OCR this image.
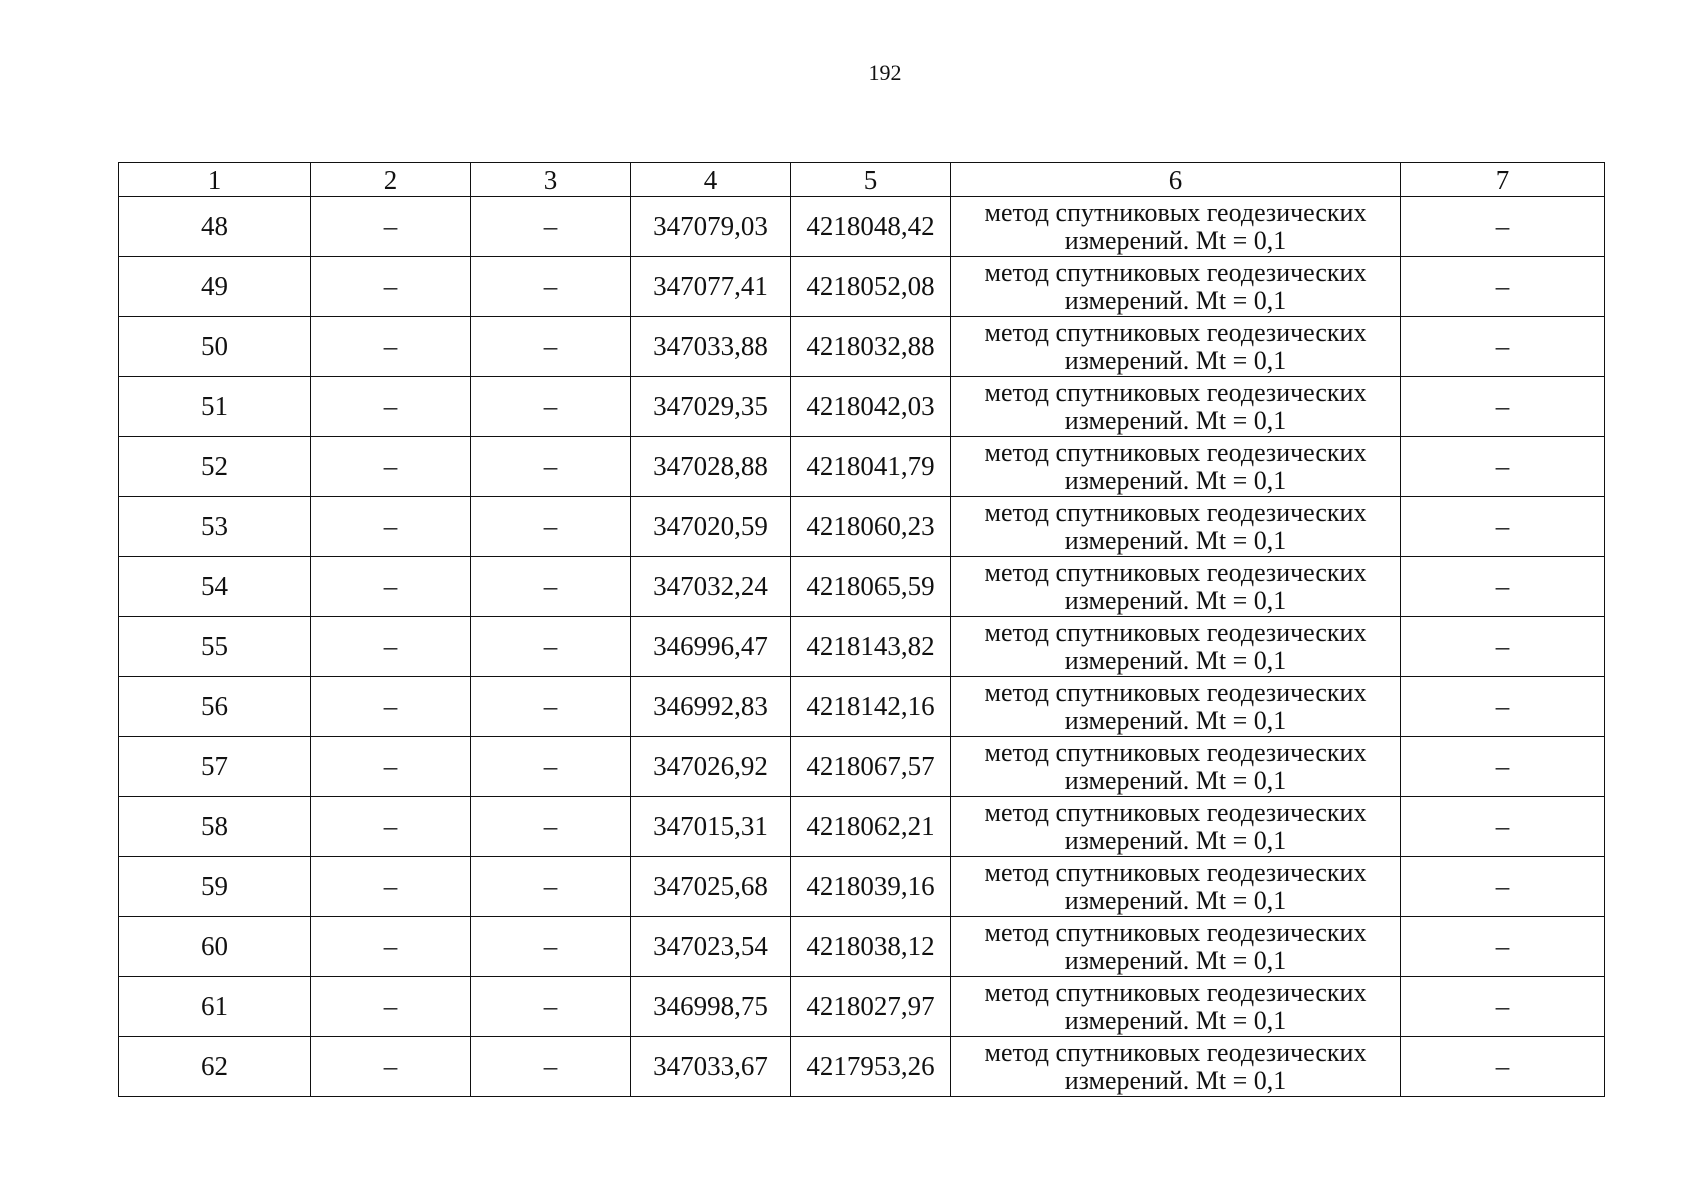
192
1	2	3	4	5	6	7
48	–	–	347079,03	4218048,42	метод спутниковых геодезических
измерений. Mt = 0,1	–
49	–	–	347077,41	4218052,08	метод спутниковых геодезических
измерений. Mt = 0,1	–
50	–	–	347033,88	4218032,88	метод спутниковых геодезических
измерений. Mt = 0,1	–
51	–	–	347029,35	4218042,03	метод спутниковых геодезических
измерений. Mt = 0,1	–
52	–	–	347028,88	4218041,79	метод спутниковых геодезических
измерений. Mt = 0,1	–
53	–	–	347020,59	4218060,23	метод спутниковых геодезических
измерений. Mt = 0,1	–
54	–	–	347032,24	4218065,59	метод спутниковых геодезических
измерений. Mt = 0,1	–
55	–	–	346996,47	4218143,82	метод спутниковых геодезических
измерений. Mt = 0,1	–
56	–	–	346992,83	4218142,16	метод спутниковых геодезических
измерений. Mt = 0,1	–
57	–	–	347026,92	4218067,57	метод спутниковых геодезических
измерений. Mt = 0,1	–
58	–	–	347015,31	4218062,21	метод спутниковых геодезических
измерений. Mt = 0,1	–
59	–	–	347025,68	4218039,16	метод спутниковых геодезических
измерений. Mt = 0,1	–
60	–	–	347023,54	4218038,12	метод спутниковых геодезических
измерений. Mt = 0,1	–
61	–	–	346998,75	4218027,97	метод спутниковых геодезических
измерений. Mt = 0,1	–
62	–	–	347033,67	4217953,26	метод спутниковых геодезических
измерений. Mt = 0,1	–
